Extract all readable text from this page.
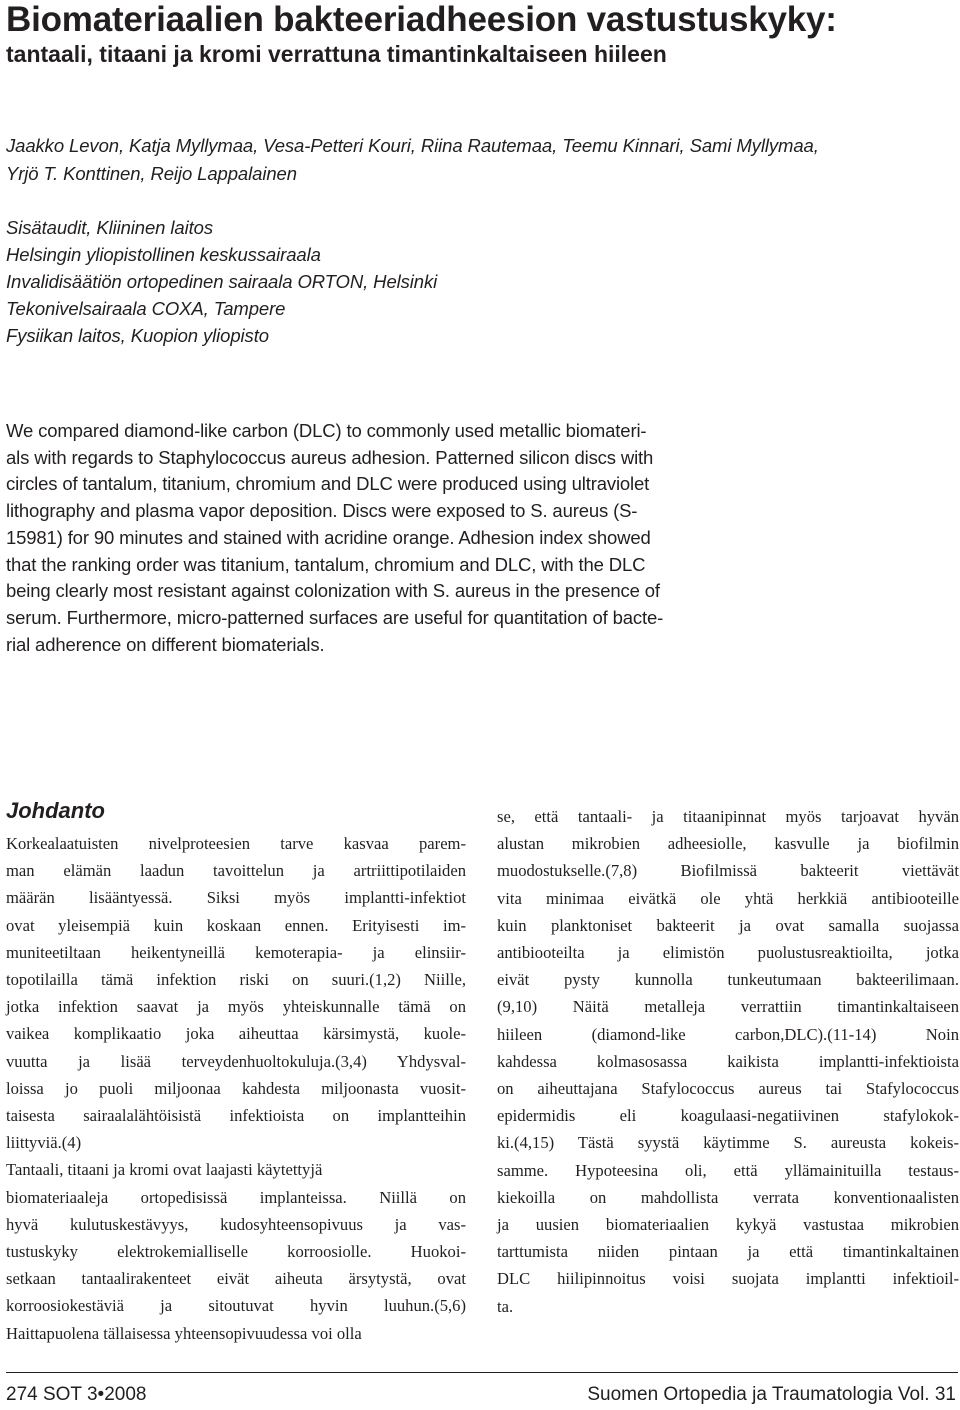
Biomateriaalien bakteeriadheesion vastustuskyky:
tantaali, titaani ja kromi verrattuna timantinkaltaiseen hiileen
Jaakko Levon, Katja Myllymaa, Vesa-Petteri Kouri, Riina Rautemaa, Teemu Kinnari, Sami Myllymaa,
Yrjö T. Konttinen, Reijo Lappalainen
Sisätaudit, Kliininen laitos
Helsingin yliopistollinen keskussairaala
Invalidisäätiön ortopedinen sairaala ORTON, Helsinki
Tekonivelsairaala COXA, Tampere
Fysiikan laitos, Kuopion yliopisto
We compared diamond-like carbon (DLC) to commonly used metallic biomateri-
als with regards to Staphylococcus aureus adhesion. Patterned silicon discs with
circles of tantalum, titanium, chromium and DLC were produced using ultraviolet
lithography and plasma vapor deposition. Discs were exposed to S. aureus (S-
15981) for 90 minutes and stained with acridine orange. Adhesion index showed
that the ranking order was titanium, tantalum, chromium and DLC, with the DLC
being clearly most resistant against colonization with S. aureus in the presence of
serum. Furthermore, micro-patterned surfaces are useful for quantitation of bacte-
rial adherence on different biomaterials.
Johdanto
Korkealaatuisten nivelproteesien tarve kasvaa parem-
man elämän laadun tavoittelun ja artriittipotilaiden
määrän lisääntyessä. Siksi myös implantti-infektiot
ovat yleisempiä kuin koskaan ennen. Erityisesti im-
muniteetiltaan heikentyneillä kemoterapia- ja elinsiir-
topotilailla tämä infektion riski on suuri.(1,2) Niille,
jotka infektion saavat ja myös yhteiskunnalle tämä on
vaikea komplikaatio joka aiheuttaa kärsimystä, kuole-
vuutta ja lisää terveydenhuoltokuluja.(3,4) Yhdysval-
loissa jo puoli miljoonaa kahdesta miljoonasta vuosit-
taisesta sairaalalähtöisistä infektioista on implantteihin
liittyviä.(4)
Tantaali, titaani ja kromi ovat laajasti käytettyjä
biomateriaaleja ortopedisissä implanteissa. Niillä on
hyvä kulutuskestävyys, kudosyhteensopivuus ja vas-
tustuskyky elektrokemialliselle korroosiolle. Huokoi-
setkaan tantaalirakenteet eivät aiheuta ärsytystä, ovat
korroosiokestäviä ja sitoutuvat hyvin luuhun.(5,6)
Haittapuolena tällaisessa yhteensopivuudessa voi olla
se, että tantaali- ja titaanipinnat myös tarjoavat hyvän
alustan mikrobien adheesiolle, kasvulle ja biofilmin
muodostukselle.(7,8) Biofilmissä bakteerit viettävät
vita minimaa eivätkä ole yhtä herkkiä antibiooteille
kuin planktoniset bakteerit ja ovat samalla suojassa
antibiooteilta ja elimistön puolustusreaktioilta, jotka
eivät pysty kunnolla tunkeutumaan bakteerilimaan.
(9,10) Näitä metalleja verrattiin timantinkaltaiseen
hiileen (diamond-like carbon,DLC).(11-14) Noin
kahdessa kolmasosassa kaikista implantti-infektioista
on aiheuttajana Stafylococcus aureus tai Stafylococcus
epidermidis eli koagulaasi-negatiivinen stafylokok-
ki.(4,15) Tästä syystä käytimme S. aureusta kokeis-
samme. Hypoteesina oli, että yllämainituilla testaus-
kiekoilla on mahdollista verrata konventionaalisten
ja uusien biomateriaalien kykyä vastustaa mikrobien
tarttumista niiden pintaan ja että timantinkaltainen
DLC hiilipinnoitus voisi suojata implantti infektioil-
ta.
274 SOT 3•2008	Suomen Ortopedia ja Traumatologia Vol. 31
